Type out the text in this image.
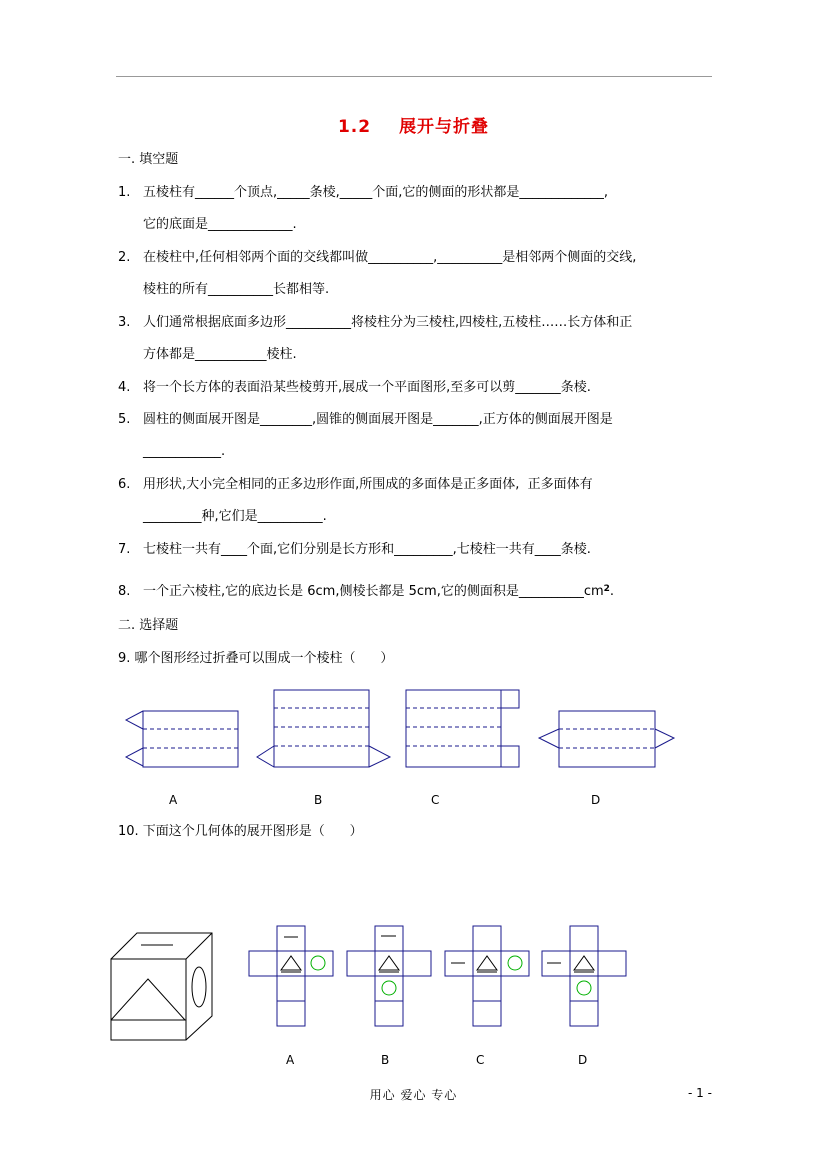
1.2 展开与折叠
一. 填空题
1. 五棱柱有______个顶点,_____条棱,_____个面,它的侧面的形状都是_____________,
它的底面是_____________.
2. 在棱柱中,任何相邻两个面的交线都叫做__________,__________是相邻两个侧面的交线,
棱柱的所有__________长都相等.
3. 人们通常根据底面多边形__________将棱柱分为三棱柱,四棱柱,五棱柱……长方体和正
方体都是___________棱柱.
4. 将一个长方体的表面沿某些棱剪开,展成一个平面图形,至多可以剪_______条棱.
5. 圆柱的侧面展开图是________,圆锥的侧面展开图是_______,正方体的侧面展开图是
____________.
6. 用形状,大小完全相同的正多边形作面,所围成的多面体是正多面体,  正多面体有
_________种,它们是__________.
7. 七棱柱一共有____个面,它们分别是长方形和_________,七棱柱一共有____条棱.
8. 一个正六棱柱,它的底边长是 6cm,侧棱长都是 5cm,它的侧面积是$\_\_\_\_\_\_\_\_\_\_cm^2$.
二. 选择题
9. 哪个图形经过折叠可以围成一个棱柱（      ）
10. 下面这个几何体的展开图形是（      ）
A	B	C	D
A	B	C	D
用心 爱心 专心	- 1 -
